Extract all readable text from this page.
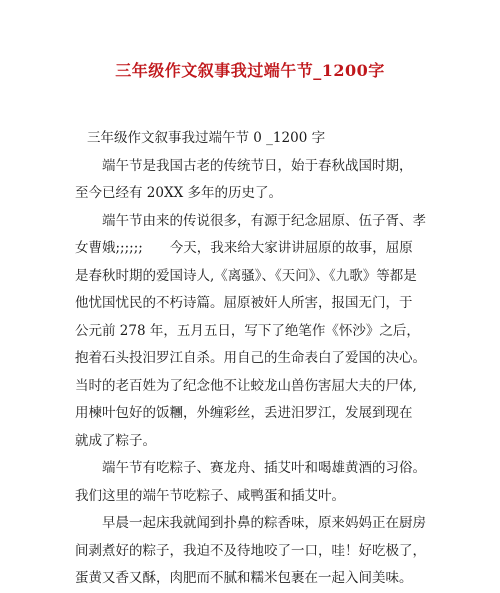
三年级作文叙事我过端午节_1200字
三年级作文叙事我过端午节 0 _1200 字
端午节是我国古老的传统节日，始于春秋战国时期，
至今已经有 20XX 多年的历史了。
端午节由来的传说很多，有源于纪念屈原、伍子胥、孝
女曹娥;;;;;;　　今天，我来给大家讲讲屈原的故事，屈原
是春秋时期的爱国诗人,《离骚》、《天问》、《九歌》等都是
他忧国忧民的不朽诗篇。屈原被奸人所害，报国无门，于
公元前 278 年，五月五日，写下了绝笔作《怀沙》之后，
抱着石头投汨罗江自杀。用自己的生命表白了爱国的决心。
当时的老百姓为了纪念他不让蛟龙山兽伤害屈大夫的尸体,
用楝叶包好的饭糰，外缠彩丝，丢进汨罗江，发展到现在
就成了粽子。
端午节有吃粽子、赛龙舟、插艾叶和喝雄黄酒的习俗。
我们这里的端午节吃粽子、咸鸭蛋和插艾叶。
早晨一起床我就闻到扑鼻的粽香味，原来妈妈正在厨房
间剥煮好的粽子，我迫不及待地咬了一口，哇！好吃极了，
蛋黄又香又酥，肉肥而不腻和糯米包裹在一起入间美味。
